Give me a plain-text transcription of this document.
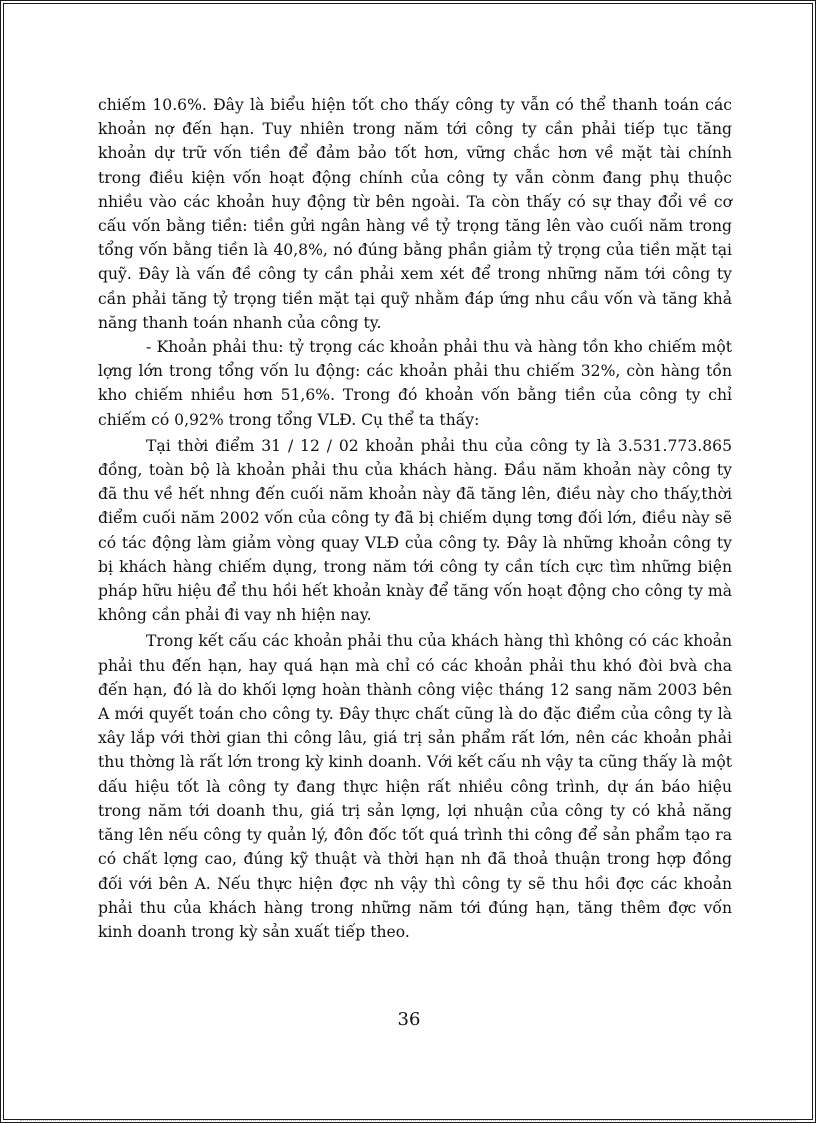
chiếm 10.6%. Đây là biểu hiện tốt cho thấy công ty vẫn có thể thanh toán các khoản nợ đến hạn. Tuy nhiên trong năm tới công ty cần phải tiếp tục tăng khoản dự trữ vốn tiền để đảm bảo tốt hơn, vững chắc hơn về mặt tài chính trong điều kiện vốn hoạt động chính của công ty vẫn cònm đang phụ thuộc nhiều vào các khoản huy động từ bên ngoài. Ta còn thấy có sự thay đổi về cơ cấu vốn bằng tiền: tiền gửi ngân hàng về tỷ trọng tăng lên vào cuối năm trong tổng vốn bằng tiền là 40,8%, nó đúng bằng phần giảm tỷ trọng của tiền mặt tại quỹ. Đây là vấn đề công ty cần phải xem xét để trong những năm tới công ty cần phải tăng tỷ trọng tiền mặt tại quỹ nhằm đáp ứng nhu cầu vốn và tăng khả năng thanh toán nhanh của công ty.

- Khoản phải thu: tỷ trọng các khoản phải thu và hàng tồn kho chiếm một lợng lớn trong tổng vốn lu động: các khoản phải thu chiếm 32%, còn hàng tồn kho chiếm nhiều hơn 51,6%. Trong đó khoản vốn bằng tiền của công ty chỉ chiếm có 0,92% trong tổng VLĐ. Cụ thể ta thấy:

Tại thời điểm 31 / 12 / 02 khoản phải thu của công ty là 3.531.773.865 đồng, toàn bộ là khoản phải thu của khách hàng. Đầu năm khoản này công ty đã thu về hết nhng đến cuối năm khoản này đã tăng lên, điều này cho thấy,thời điểm cuối năm 2002 vốn của công ty đã bị chiếm dụng tơng đối lớn, điều này sẽ có tác động làm giảm vòng quay VLĐ của công ty. Đây là những khoản công ty bị khách hàng chiếm dụng, trong năm tới công ty cần tích cực tìm những biện pháp hữu hiệu để thu hồi hết khoản knày để tăng vốn hoạt động cho công ty mà không cần phải đi vay nh hiện nay.

Trong kết cấu các khoản phải thu của khách hàng thì không có các khoản phải thu đến hạn, hay quá hạn mà chỉ có các khoản phải thu khó đòi bvà cha đến hạn, đó là do khối lợng hoàn thành công việc tháng 12 sang năm 2003 bên A mới quyết toán cho công ty. Đây thực chất cũng là do đặc điểm của công ty là xây lắp với thời gian thi công lâu, giá trị sản phẩm rất lớn, nên các khoản phải thu thờng là rất lớn trong kỳ kinh doanh. Với kết cấu nh vậy ta cũng thấy là một dấu hiệu tốt là công ty đang thực hiện rất nhiều công trình, dự án báo hiệu trong năm tới doanh thu, giá trị sản lợng, lợi nhuận của công ty có khả năng tăng lên nếu công ty quản lý, đôn đốc tốt quá trình thi công để sản phẩm tạo ra có chất lợng cao, đúng kỹ thuật và thời hạn nh đã thoả thuận trong hợp đồng đối với bên A. Nếu thực hiện đợc nh vậy thì công ty sẽ thu hồi đợc các khoản phải thu của khách hàng trong những năm tới đúng hạn, tăng thêm đợc vốn kinh doanh trong kỳ sản xuất tiếp theo.

36
